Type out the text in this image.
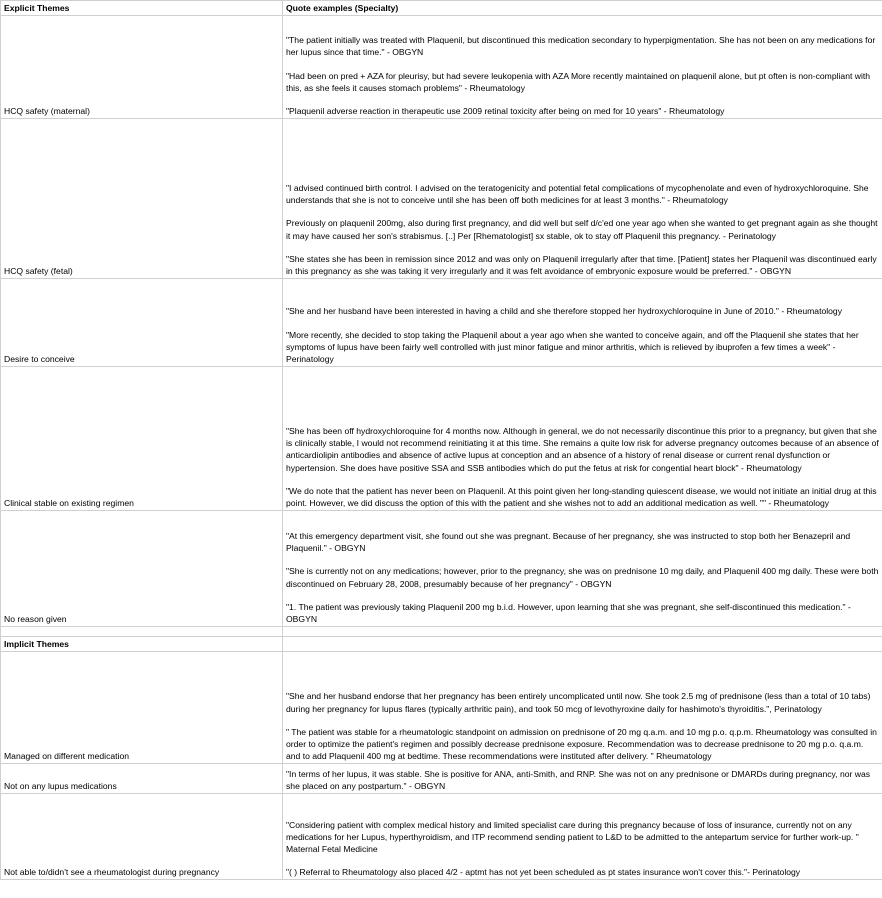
Explicit Themes	Quote examples (Specialty)
HCQ safety (maternal)	"The patient initially was treated with Plaquenil, but discontinued this medication secondary to hyperpigmentation. She has not been on any medications for her lupus since that time." - OBGYN

"Had been on pred + AZA for pleurisy, but had severe leukopenia with AZA More recently maintained on plaquenil alone, but pt often is non-compliant with this, as she feels it causes stomach problems" - Rheumatology

"Plaquenil adverse reaction in therapeutic use 2009 retinal toxicity after being on med for 10 years" - Rheumatology

HCQ safety (fetal)	"I advised continued birth control. I advised on the teratogenicity and potential fetal complications of mycophenolate and even of hydroxychloroquine. She understands that she is not to conceive until she has been off both medicines for at least 3 months." - Rheumatology

Previously on plaquenil 200mg, also during first pregnancy, and did well but self d/c'ed one year ago when she wanted to get pregnant again as she thought it may have caused her son's strabismus. [..] Per [Rhematologist] sx stable, ok to stay off Plaquenil this pregnancy. - Perinatology

"She states she has been in remission since 2012 and was only on Plaquenil irregularly after that time. [Patient] states her Plaquenil was discontinued early in this pregnancy as she was taking it very irregularly and it was felt avoidance of embryonic exposure would be preferred." - OBGYN

Desire to conceive	"She and her husband have been interested in having a child and she therefore stopped her hydroxychloroquine in June of 2010." - Rheumatology

"More recently, she decided to stop taking the Plaquenil about a year ago when she wanted to conceive again, and off the Plaquenil she states that her symptoms of lupus have been fairly well controlled with just minor fatigue and minor arthritis, which is relieved by ibuprofen a few times a week" - Perinatology

Clinical stable on existing regimen	"She has been off hydroxychloroquine for 4 months now. Although in general, we do not necessarily discontinue this prior to a pregnancy, but given that she is clinically stable, I would not recommend reinitiating it at this time. She remains a quite low risk for adverse pregnancy outcomes because of an absence of anticardiolipin antibodies and absence of active lupus at conception and an absence of a history of renal disease or current renal dysfunction or hypertension. She does have positive SSA and SSB antibodies which do put the fetus at risk for congential heart block" - Rheumatology

"We do note that the patient has never been on Plaquenil. At this point given her long-standing quiescent disease, we would not initiate an initial drug at this point. However, we did discuss the option of this with the patient and she wishes not to add an additional medication as well. "" - Rheumatology

No reason given	"At this emergency department visit, she found out she was pregnant. Because of her pregnancy, she was instructed to stop both her Benazepril and Plaquenil." - OBGYN

"She is currently not on any medications; however, prior to the pregnancy, she was on prednisone 10 mg daily, and Plaquenil 400 mg daily. These were both discontinued on February 28, 2008, presumably because of her pregnancy" - OBGYN

"1. The patient was previously taking Plaquenil 200 mg b.i.d. However, upon learning that she was pregnant, she self-discontinued this medication." - OBGYN

Implicit Themes	
Managed on different medication	"She and her husband endorse that her pregnancy has been entirely uncomplicated until now. She took 2.5 mg of prednisone (less than a total of 10 tabs) during her pregnancy for lupus flares (typically arthritic pain), and took 50 mcg of levothyroxine daily for hashimoto's thyroiditis.", Perinatology

" The patient was stable for a rheumatologic standpoint on admission on prednisone of 20 mg q.a.m. and 10 mg p.o. q.p.m. Rheumatology was consulted in order to optimize the patient's regimen and possibly decrease prednisone exposure. Recommendation was to decrease prednisone to 20 mg p.o. q.a.m. and to add Plaquenil 400 mg at bedtime. These recommendations were instituted after delivery. " Rheumatology

Not on any lupus medications	"In terms of her lupus, it was stable. She is positive for ANA, anti-Smith, and RNP. She was not on any prednisone or DMARDs during pregnancy, nor was she placed on any postpartum." - OBGYN

Not able to/didn't see a rheumatologist during pregnancy	"Considering patient with complex medical history and limited specialist care during this pregnancy because of loss of insurance, currently not on any medications for her Lupus, hyperthyroidism, and ITP recommend sending patient to L&D to be admitted to the antepartum service for further work-up. " Maternal Fetal Medicine

"( ) Referral to Rheumatology also placed 4/2 - aptmt has not yet been scheduled as pt states insurance won't cover this."- Perinatology
